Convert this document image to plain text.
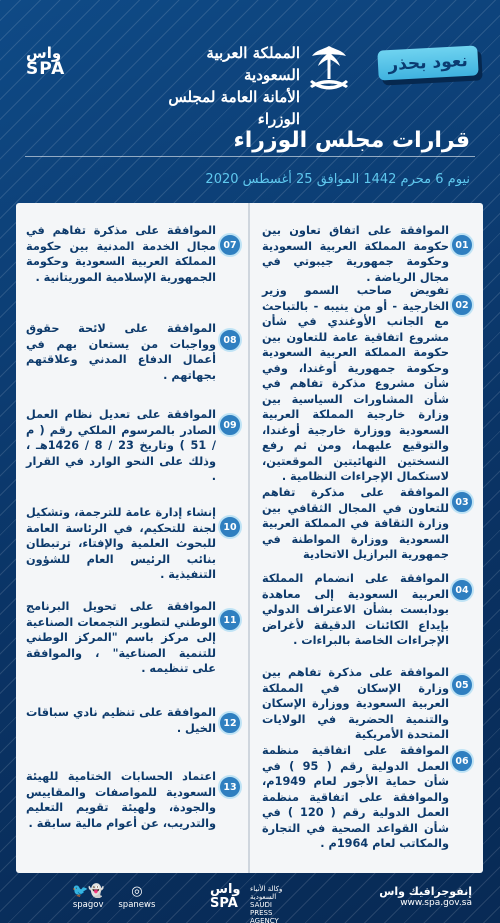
واس
SPA
المملكة العربية السعودية
الأمانة العامة لمجلس الوزراء
نعود بحذر
قرارات مجلس الوزراء
نيوم 6 محرم 1442 الموافق 25 أغسطس 2020
01
الموافقة على اتفاق تعاون بين حكومة المملكة العربية السعودية وحكومة جمهورية جيبوتي في مجال الرياضة .
02
تفويض صاحب السمو وزير الخارجية - أو من ينيبه - بالتباحث مع الجانب الأوغندي في شأن مشروع اتفاقية عامة للتعاون بين حكومة المملكة العربية السعودية وحكومة جمهورية أوغندا، وفي شأن مشروع مذكرة تفاهم في شأن المشاورات السياسية بين وزارة خارجية المملكة العربية السعودية ووزارة خارجية أوغندا، والتوقيع عليهما، ومن ثم رفع النسختين النهائيتين الموقعتين، لاستكمال الإجراءات النظامية .
03
الموافقة على مذكرة تفاهم للتعاون في المجال الثقافي بين وزارة الثقافة في المملكة العربية السعودية ووزارة المواطنة في جمهورية البرازيل الاتحادية
04
الموافقة على انضمام المملكة العربية السعودية إلى معاهدة بودابست بشأن الاعتراف الدولي بإيداع الكائنات الدقيقة لأغراض الإجراءات الخاصة بالبراءات .
05
الموافقة على مذكرة تفاهم بين وزارة الإسكان في المملكة العربية السعودية ووزارة الإسكان والتنمية الحضرية في الولايات المتحدة الأمريكية
06
الموافقة على اتفاقية منظمة العمل الدولية رقم ( 95 ) في شأن حماية الأجور لعام 1949م، والموافقة على اتفاقية منظمة العمل الدولية رقم ( 120 ) في شأن القواعد الصحية في التجارة والمكاتب لعام 1964م .
07
الموافقة على مذكرة تفاهم في مجال الخدمة المدنية بين حكومة المملكة العربية السعودية وحكومة الجمهورية الإسلامية الموريتانية .
08
الموافقة على لائحة حقوق وواجبات من يستعان بهم في أعمال الدفاع المدني وعلاقتهم بجهاتهم .
09
الموافقة على تعديل نظام العمل الصادر بالمرسوم الملكي رقم ( م / 51 ) وتاريخ 23 / 8 / 1426هـ ، وذلك على النحو الوارد في القرار .
10
إنشاء إدارة عامة للترجمة، وتشكيل لجنة للتحكيم، في الرئاسة العامة للبحوث العلمية والإفتاء، ترتبطان بنائب الرئيس العام للشؤون التنفيذية .
11
الموافقة على تحويل البرنامج الوطني لتطوير التجمعات الصناعية إلى مركز باسم "المركز الوطني للتنمية الصناعية" ، والموافقة على تنظيمه .
12
الموافقة على تنظيم نادي سباقات الخيل .
13
اعتماد الحسابات الختامية للهيئة السعودية للمواصفات والمقاييس والجودة، ولهيئة تقويم التعليم والتدريب، عن أعوام مالية سابقة .
🐦👻
spagov
◎
spanews
واس
SPA
وكالة الأنباء السعودية
SAUDI PRESS
AGENCY
إنفوجرافيك واس
www.spa.gov.sa
